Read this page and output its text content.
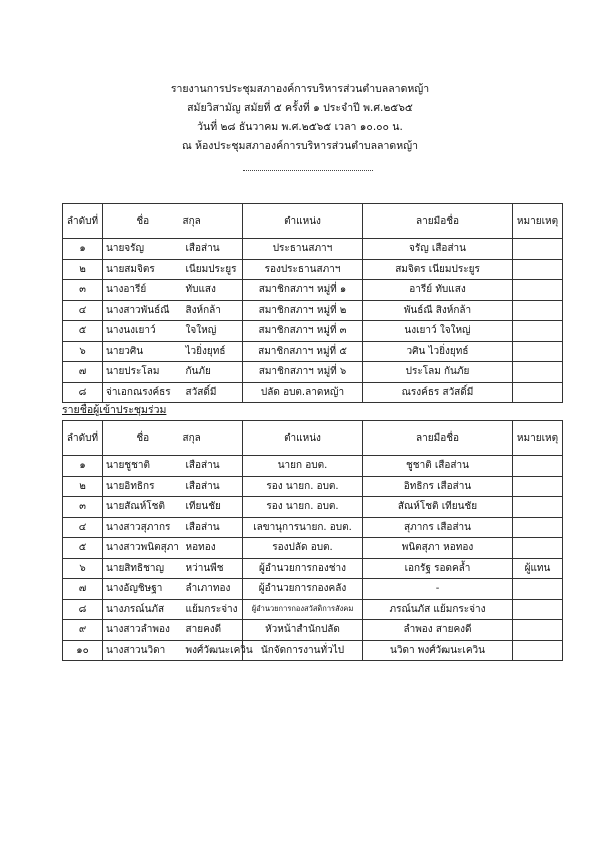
รายงานการประชุมสภาองค์การบริหารส่วนตำบลลาดหญ้า
สมัยวิสามัญ สมัยที่ ๕ ครั้งที่ ๑ ประจำปี พ.ศ.๒๕๖๕
วันที่ ๒๘ ธันวาคม พ.ศ.๒๕๖๕ เวลา ๑๐.๐๐ น.
ณ ห้องประชุมสภาองค์การบริหารส่วนตำบลลาดหญ้า
ลำดับที่	ชื่อ	สกุล	ตำแหน่ง	ลายมือชื่อ	หมายเหตุ
๑	นายจรัญ	เสือส่าน	ประธานสภาฯ	จรัญ เสือส่าน	
๒	นายสมจิตร	เนียมประยูร	รองประธานสภาฯ	สมจิตร เนียมประยูร	
๓	นางอารีย์	ทับแสง	สมาชิกสภาฯ หมู่ที่ ๑	อารีย์ ทับแสง	
๔	นางสาวพันธ์ณี	สิงห์กล้า	สมาชิกสภาฯ หมู่ที่ ๒	พันธ์ณี สิงห์กล้า	
๕	นางนงเยาว์	ใจใหญ่	สมาชิกสภาฯ หมู่ที่ ๓	นงเยาว์ ใจใหญ่	
๖	นายวศิน	ไวยิ่งยุทธ์	สมาชิกสภาฯ หมู่ที่ ๕	วศิน ไวยิ่งยุทธ์	
๗	นายประโลม	กันภัย	สมาชิกสภาฯ หมู่ที่ ๖	ประโลม กันภัย	
๘	จ่าเอกณรงค์ธร	สวัสดิ์มี	ปลัด อบต.ลาดหญ้า	ณรงค์ธร สวัสดิ์มี	
รายชื่อผู้เข้าประชุมร่วม
ลำดับที่	ชื่อ	สกุล	ตำแหน่ง	ลายมือชื่อ	หมายเหตุ
๑	นายชูชาติ	เสือส่าน	นายก อบต.	ชูชาติ เสือส่าน	
๒	นายอิทธิกร	เสือส่าน	รอง นายก. อบต.	อิทธิกร เสือส่าน	
๓	นายสัณห์โชติ	เทียนชัย	รอง นายก. อบต.	สัณห์โชติ เทียนชัย	
๔	นางสาวสุภากร	เสือส่าน	เลขานุการนายก. อบต.	สุภากร เสือส่าน	
๕	นางสาวพนิตสุภา	หอทอง	รองปลัด อบต.	พนิตสุภา หอทอง	
๖	นายสิทธิชาญ	หว่านพืช	ผู้อำนวยการกองช่าง	เอกรัฐ รอดคล้ำ	ผู้แทน
๗	นางอัญชิษฐา	ลำเภาทอง	ผู้อำนวยการกองคลัง	-	
๘	นางภรณ์นภัส	แย้มกระจ่าง	ผู้อำนวยการกองสวัสดิการสังคม	ภรณ์นภัส แย้มกระจ่าง	
๙	นางสาวลำพอง	สายคงดี	หัวหน้าสำนักปลัด	ลำพอง สายคงดี	
๑๐	นางสาวนวิดา	พงศ์วัฒนะเควิน	นักจัดการงานทั่วไป	นวิดา พงศ์วัฒนะเควิน	
